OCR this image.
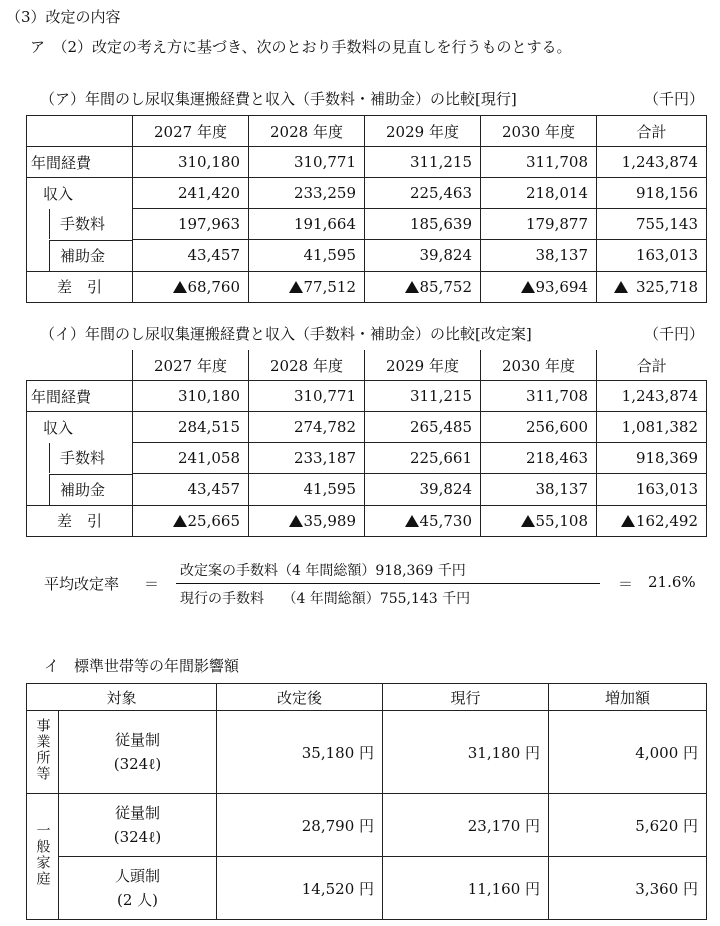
（3）改定の内容
ア　（2）改定の考え方に基づき、次のとおり手数料の見直しを行うものとする。
（ア）年間のし尿収集運搬経費と収入（手数料・補助金）の比較[現行]	（千円）
	2027 年度	2028 年度	2029 年度	2030 年度	合計
年間経費	310,180	310,771	311,215	311,708	1,243,874
収入	241,420	233,259	225,463	218,014	918,156

手数料	197,963	191,664	185,639	179,877	755,143

補助金	43,457	41,595	39,824	38,137	163,013
差　引	68,760	77,512	85,752	93,694	325,718
（イ）年間のし尿収集運搬経費と収入（手数料・補助金）の比較[改定案]	（千円）
	2027 年度	2028 年度	2029 年度	2030 年度	合計
年間経費	310,180	310,771	311,215	311,708	1,243,874
収入	284,515	274,782	265,485	256,600	1,081,382

手数料	241,058	233,187	225,661	218,463	918,369

補助金	43,457	41,595	39,824	38,137	163,013
差　引	25,665	35,989	45,730	55,108	162,492
平均改定率 ＝
改定案の手数料（4 年間総額）918,369 千円
現行の手数料　 （4 年間総額）755,143 千円
＝ 21.6%
イ　標準世帯等の年間影響額
対象		改定後	現行	増加額
事業所等	従量制
(324ℓ)	35,180 円	31,180 円	4,000 円
一般家庭	従量制
(324ℓ)	28,790 円	23,170 円	5,620 円

	人頭制
(2 人)	14,520 円	11,160 円	3,360 円
